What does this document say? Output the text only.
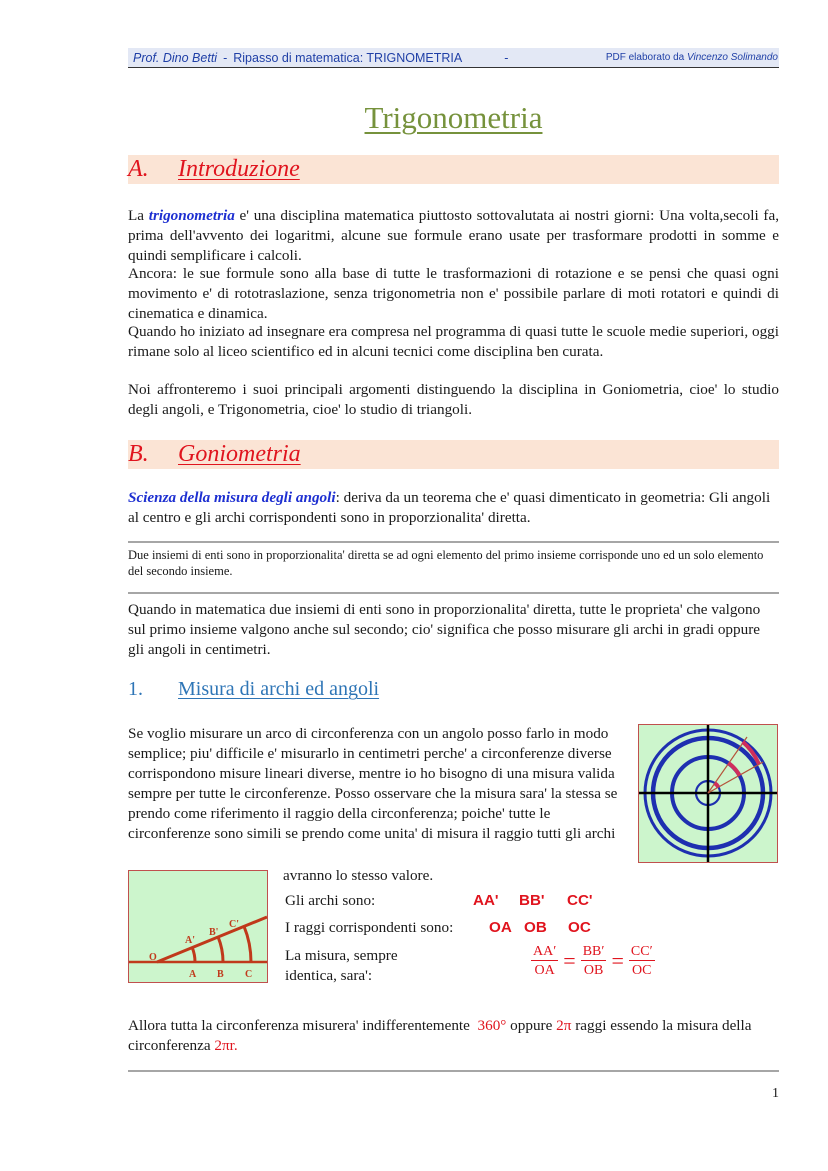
Prof. Dino Betti - Ripasso di matematica: TRIGNOMETRIA	-	PDF elaborato da Vincenzo Solimando
Trigonometria
A.	Introduzione

La trigonometria e' una disciplina matematica piuttosto sottovalutata ai nostri giorni: Una volta,secoli fa, prima dell'avvento dei logaritmi, alcune sue formule erano usate per trasformare prodotti in somme e quindi semplificare i calcoli.

Ancora: le sue formule sono alla base di tutte le trasformazioni di rotazione e se pensi che quasi ogni movimento e' di rototraslazione, senza trigonometria non e' possibile parlare di moti rotatori e quindi di cinematica e dinamica.

Quando ho iniziato ad insegnare era compresa nel programma di quasi tutte le scuole medie superiori, oggi rimane solo al liceo scientifico ed in alcuni tecnici come disciplina ben curata.

Noi affronteremo i suoi principali argomenti distinguendo la disciplina in Goniometria, cioe' lo studio degli angoli, e Trigonometria, cioe' lo studio di triangoli.

B.	Goniometria

Scienza della misura degli angoli: deriva da un teorema che e' quasi dimenticato in geometria: Gli angoli al centro e gli archi corrispondenti sono in proporzionalita' diretta.

Due insiemi di enti sono in proporzionalita' diretta se ad ogni elemento del primo insieme corrisponde uno ed un solo elemento del secondo insieme.

Quando in matematica due insiemi di enti sono in proporzionalita' diretta, tutte le proprieta' che valgono sul primo insieme valgono anche sul secondo; cio' significa che posso misurare gli archi in gradi oppure gli angoli in centimetri.

1.	Misura di archi ed angoli

Se voglio misurare un arco di circonferenza con un angolo posso farlo in modo semplice; piu' difficile e' misurarlo in centimetri perche' a circonferenze diverse corrispondono misure lineari diverse, mentre io ho bisogno di una misura valida sempre per tutte le circonferenze. Posso osservare che la misura sara' la stessa se prendo come riferimento il raggio della circonferenza; poiche' tutte le circonferenze sono simili se prendo come unita' di misura il raggio tutti gli archi

O
A B C
A'
B'
C'
avranno lo stesso valore.
Gli archi sono:	AA' BB' CC'
I raggi corrispondenti sono: OA OB OC
La misura, sempre
identica, sara':	$\frac{AA'}{OA} = \frac{BB'}{OB} = \frac{CC'}{OC}$

Allora tutta la circonferenza misurera' indifferentemente 360° oppure 2π raggi essendo la misura della circonferenza 2πr.

1
